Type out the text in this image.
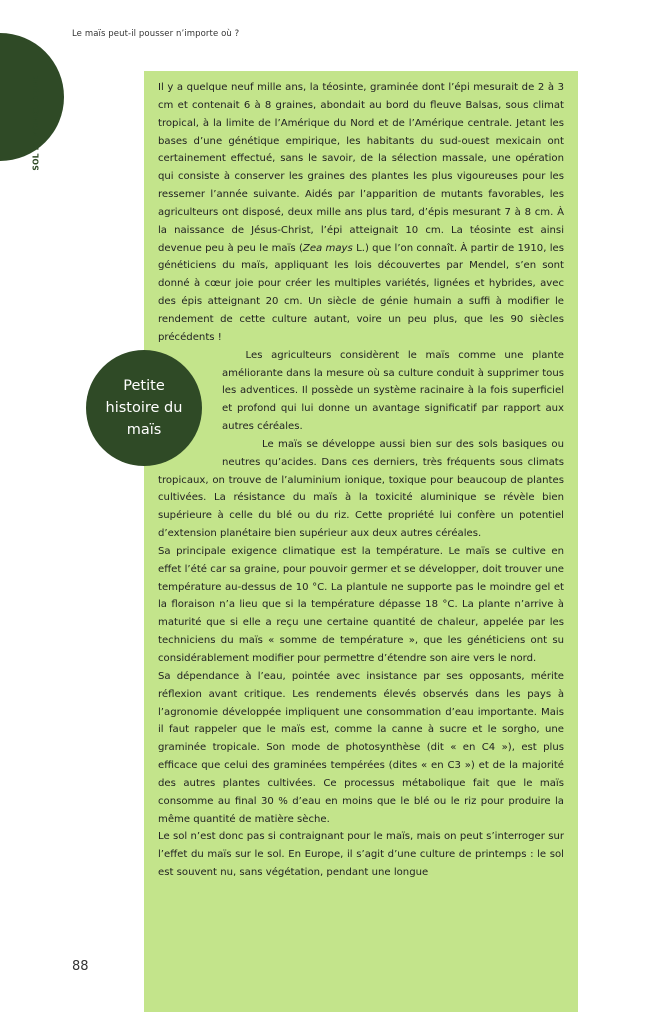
Le maïs peut-il pousser n’importe où ?
SOL ET AGRICULTURE	Il y a quelque neuf mille ans, la téosinte, graminée dont l’épi mesurait de 2 à 3 cm et contenait 6 à 8 graines, abondait au bord du fleuve Balsas, sous climat tropical, à la limite de l’Amérique du Nord et de l’Amérique centrale. Jetant les bases d’une génétique empirique, les habitants du sud-ouest mexicain ont certainement effectué, sans le savoir, de la sélection massale, une opération qui consiste à conserver les graines des plantes les plus vigoureuses pour les ressemer l’année suivante. Aidés par l’apparition de mutants favorables, les agriculteurs ont disposé, deux mille ans plus tard, d’épis mesurant 7 à 8 cm. À la naissance de Jésus-Christ, l’épi atteignait 10 cm. La téosinte est ainsi devenue peu à peu le maïs (Zea mays L.) que l’on connaît. À partir de 1910, les généticiens du maïs, appliquant les lois découvertes par Mendel, s’en sont donné à cœur joie pour créer les multiples variétés, lignées et hybrides, avec des épis atteignant 20 cm. Un siècle de génie humain a suffi à modifier le rendement de cette culture autant, voire un peu plus, que les 90 siècles précédents !

Les agriculteurs considèrent le maïs comme une plante améliorante dans la mesure où sa culture conduit à supprimer tous les adventices. Il possède un système racinaire à la fois superficiel et profond qui lui donne un avantage significatif par rapport aux autres céréales.

Le maïs se développe aussi bien sur des sols basiques ou neutres qu’acides. Dans ces derniers, très fréquents sous climats tropicaux, on trouve de l’aluminium ionique, toxique pour beaucoup de plantes cultivées. La résistance du maïs à la toxicité aluminique se révèle bien supérieure à celle du blé ou du riz. Cette propriété lui confère un potentiel d’extension planétaire bien supérieur aux deux autres céréales.

Sa principale exigence climatique est la température. Le maïs se cultive en effet l’été car sa graine, pour pouvoir germer et se développer, doit trouver une température au-dessus de 10 °C. La plantule ne supporte pas le moindre gel et la floraison n’a lieu que si la température dépasse 18 °C. La plante n’arrive à maturité que si elle a reçu une certaine quantité de chaleur, appelée par les techniciens du maïs « somme de température », que les généticiens ont su considérablement modifier pour permettre d’étendre son aire vers le nord.

Sa dépendance à l’eau, pointée avec insistance par ses opposants, mérite réflexion avant critique. Les rendements élevés observés dans les pays à l’agronomie développée impliquent une consommation d’eau importante. Mais il faut rappeler que le maïs est, comme la canne à sucre et le sorgho, une graminée tropicale. Son mode de photosynthèse (dit « en C4 »), est plus efficace que celui des graminées tempérées (dites « en C3 ») et de la majorité des autres plantes cultivées. Ce processus métabolique fait que le maïs consomme au final 30 % d’eau en moins que le blé ou le riz pour produire la même quantité de matière sèche.

Le sol n’est donc pas si contraignant pour le maïs, mais on peut s’interroger sur l’effet du maïs sur le sol. En Europe, il s’agit d’une culture de printemps : le sol est souvent nu, sans végétation, pendant une longue

Petite histoire du maïs
88
